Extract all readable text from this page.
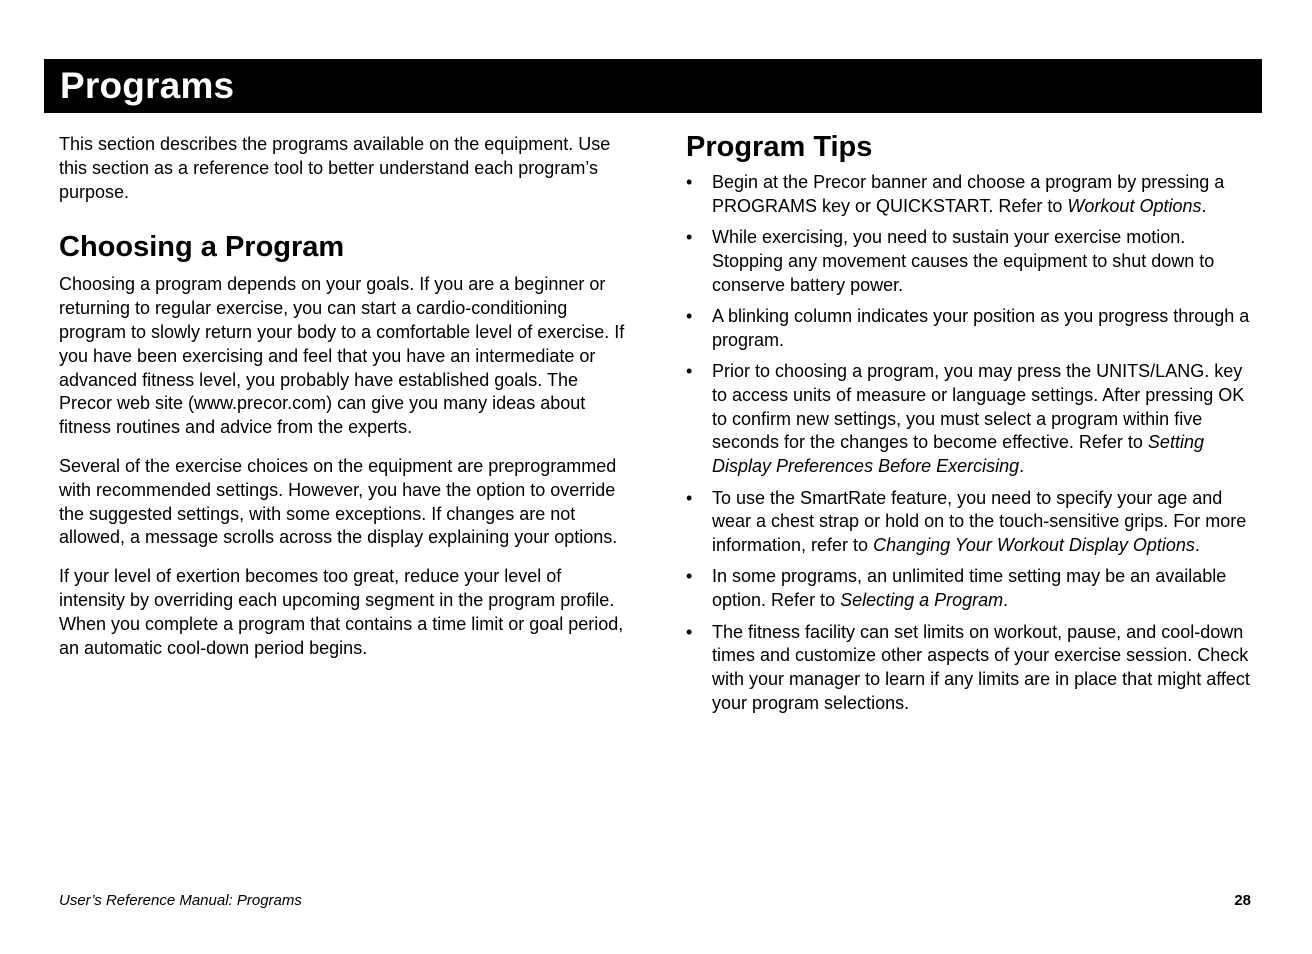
Programs

This section describes the programs available on the equipment. Use this section as a reference tool to better understand each program’s purpose.

Choosing a Program

Choosing a program depends on your goals. If you are a beginner or returning to regular exercise, you can start a cardio-conditioning program to slowly return your body to a comfortable level of exercise. If you have been exercising and feel that you have an intermediate or advanced fitness level, you probably have established goals. The Precor web site (www.precor.com) can give you many ideas about fitness routines and advice from the experts.

Several of the exercise choices on the equipment are preprogrammed with recommended settings. However, you have the option to override the suggested settings, with some exceptions. If changes are not allowed, a message scrolls across the display explaining your options.

If your level of exertion becomes too great, reduce your level of intensity by overriding each upcoming segment in the program profile. When you complete a program that contains a time limit or goal period, an automatic cool-down period begins.

Program Tips
• Begin at the Precor banner and choose a program by pressing a PROGRAMS key or QUICKSTART. Refer to Workout Options.
• While exercising, you need to sustain your exercise motion. Stopping any movement causes the equipment to shut down to conserve battery power.
• A blinking column indicates your position as you progress through a program.
• Prior to choosing a program, you may press the UNITS/LANG. key to access units of measure or language settings. After pressing OK to confirm new settings, you must select a program within five seconds for the changes to become effective. Refer to Setting Display Preferences Before Exercising.
• To use the SmartRate feature, you need to specify your age and wear a chest strap or hold on to the touch-sensitive grips. For more information, refer to Changing Your Workout Display Options.
• In some programs, an unlimited time setting may be an available option. Refer to Selecting a Program.
• The fitness facility can set limits on workout, pause, and cool-down times and customize other aspects of your exercise session. Check with your manager to learn if any limits are in place that might affect your program selections.
User’s Reference Manual: Programs	28
